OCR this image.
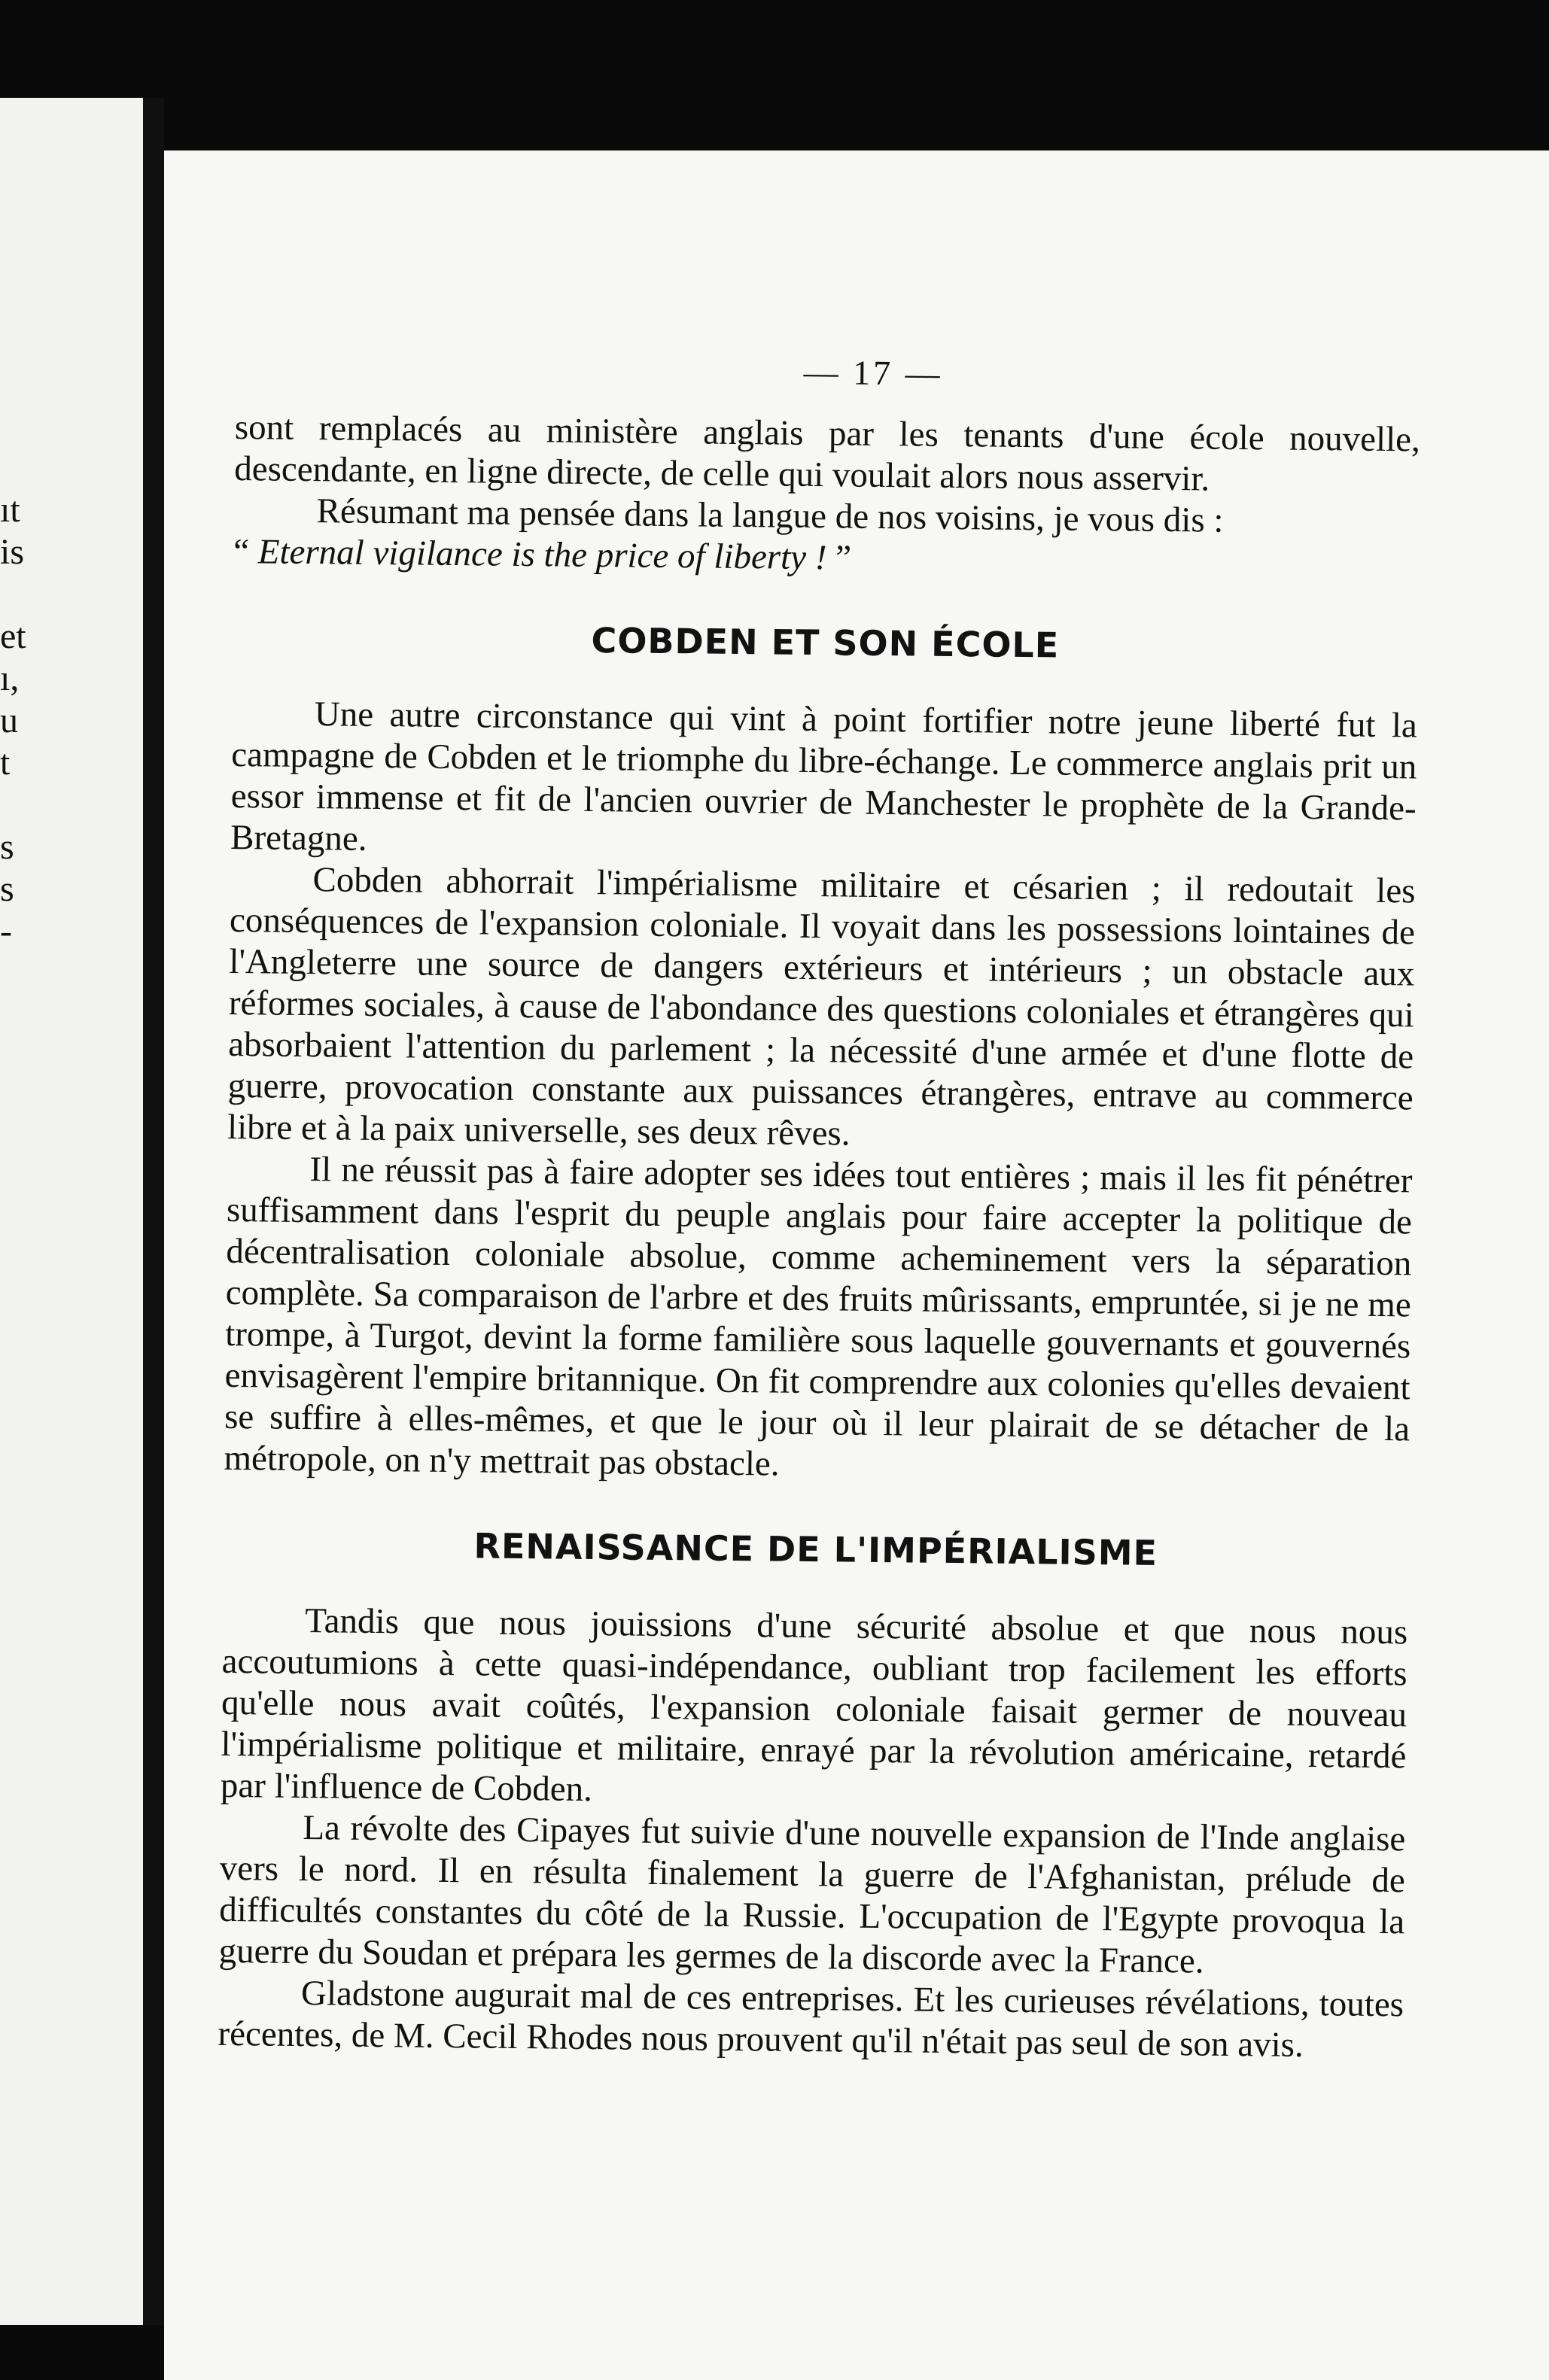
ıt
is
et
ı,
u
t
s
s
-
— 17 —

sont remplacés au ministère anglais par les tenants d'une école nouvelle, descendante, en ligne directe, de celle qui voulait alors nous asservir.

Résumant ma pensée dans la langue de nos voisins, je vous dis :

“ Eternal vigilance is the price of liberty ! ”
COBDEN ET SON ÉCOLE

Une autre circonstance qui vint à point fortifier notre jeune liberté fut la campagne de Cobden et le triomphe du libre-échange. Le commerce anglais prit un essor immense et fit de l'ancien ouvrier de Manchester le prophète de la Grande-Bretagne.

Cobden abhorrait l'impérialisme militaire et césarien ; il redoutait les conséquences de l'expansion coloniale. Il voyait dans les possessions lointaines de l'Angleterre une source de dangers extérieurs et intérieurs ; un obstacle aux réformes sociales, à cause de l'abondance des questions coloniales et étrangères qui absorbaient l'attention du parlement ; la nécessité d'une armée et d'une flotte de guerre, provocation constante aux puissances étrangères, entrave au commerce libre et à la paix universelle, ses deux rêves.

Il ne réussit pas à faire adopter ses idées tout entières ; mais il les fit pénétrer suffisamment dans l'esprit du peuple anglais pour faire accepter la politique de décentralisation coloniale absolue, comme acheminement vers la séparation complète. Sa comparaison de l'arbre et des fruits mûrissants, empruntée, si je ne me trompe, à Turgot, devint la forme familière sous laquelle gouvernants et gouvernés envisagèrent l'empire britannique. On fit comprendre aux colonies qu'elles devaient se suffire à elles-mêmes, et que le jour où il leur plairait de se détacher de la métropole, on n'y mettrait pas obstacle.

RENAISSANCE DE L'IMPÉRIALISME

Tandis que nous jouissions d'une sécurité absolue et que nous nous accoutumions à cette quasi-indépendance, oubliant trop facilement les efforts qu'elle nous avait coûtés, l'expansion coloniale faisait germer de nouveau l'impérialisme politique et militaire, enrayé par la révolution américaine, retardé par l'influence de Cobden.

La révolte des Cipayes fut suivie d'une nouvelle expansion de l'Inde anglaise vers le nord. Il en résulta finalement la guerre de l'Afghanistan, prélude de difficultés constantes du côté de la Russie. L'occupation de l'Egypte provoqua la guerre du Soudan et prépara les germes de la discorde avec la France.

Gladstone augurait mal de ces entreprises. Et les curieuses révélations, toutes récentes, de M. Cecil Rhodes nous prouvent qu'il n'était pas seul de son avis.
